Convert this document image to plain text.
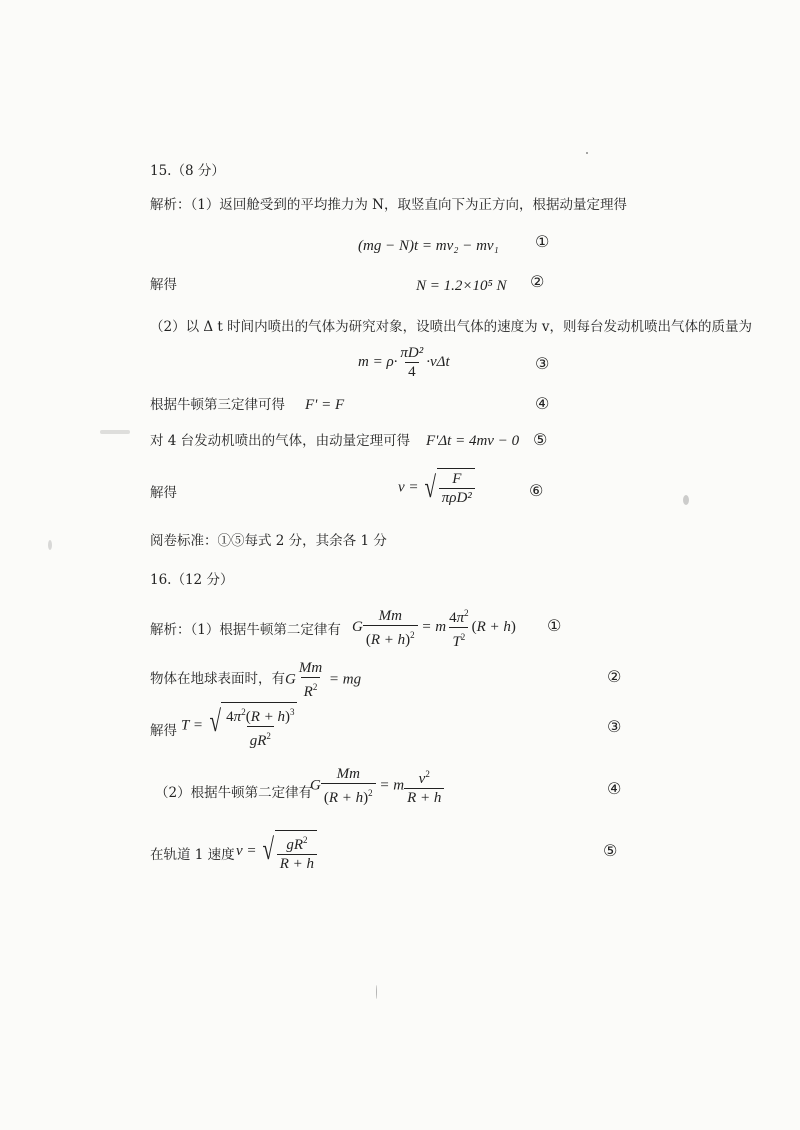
15.（8 分）
解析：（1）返回舱受到的平均推力为 N，取竖直向下为正方向，根据动量定理得
(mg − N)t = mv₂ − mv₁ ①
解得	N = 1.2×10⁵ N ②
（2）以 Δ t 时间内喷出的气体为研究对象，设喷出气体的速度为 v，则每台发动机喷出气体的质量为
$m = \rho\cdot \frac{\text{πD²}}{4} \cdot v\Delta t$	③
根据牛顿第三定律可得 F' = F	④
对 4 台发动机喷出的气体，由动量定理可得 F'Δt = 4mv − 0 ⑤
解得	v = √ $\frac{F}{\text{πρD²}}$	⑥
阅卷标准：①⑤每式 2 分，其余各 1 分
16.（12 分）
解析：（1）根据牛顿第二定律有 G $\frac{Mm}{(R + h)^2} = m \frac{4\pi^2}{T^2} (R + h)$ ①
物体在地球表面时，有 G $\frac{Mm}{R^2}$ = mg	②
解得 T = √ $\frac{4\pi^2(R + h)^3}{gR^2}$	③
（2）根据牛顿第二定律有
G $\frac{Mm}{(R + h)^2} = m \frac{v^2}{R + h}$	④
在轨道 1 速度 v = √ $\frac{gR^2}{R + h}$	⑤
